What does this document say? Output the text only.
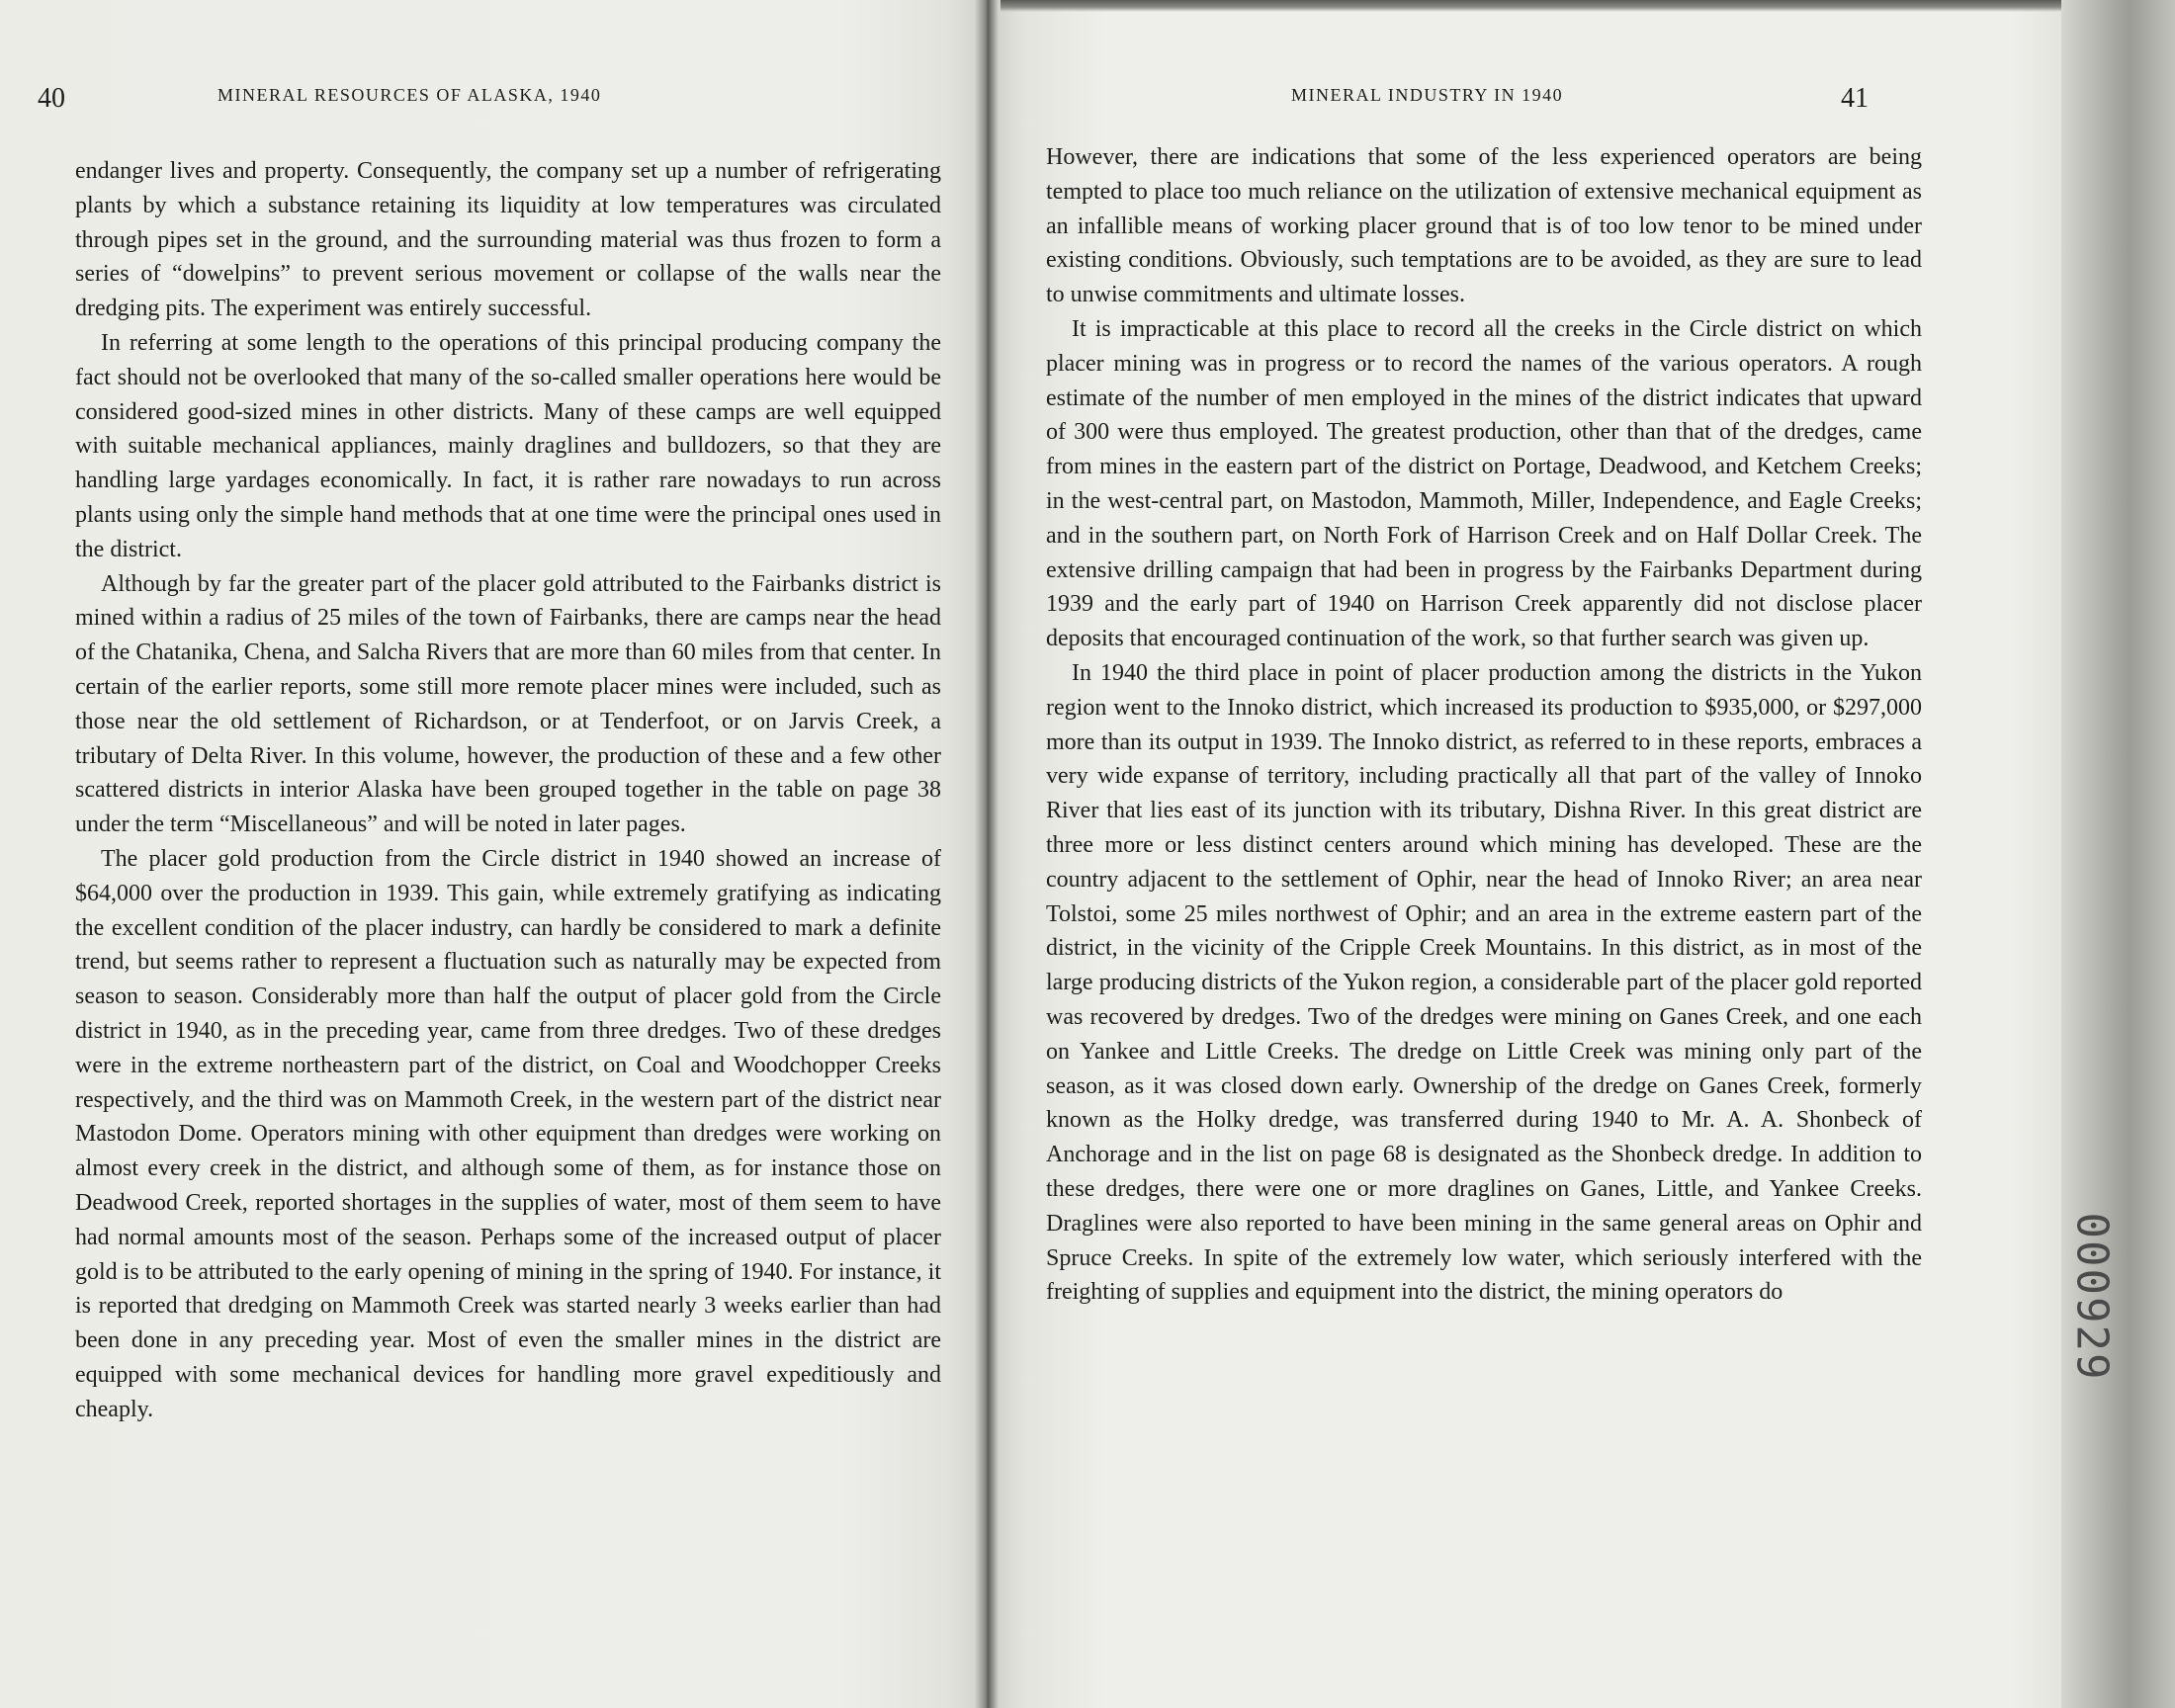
40	MINERAL RESOURCES OF ALASKA, 1940

endanger lives and property. Consequently, the company set up a number of refrigerating plants by which a substance retaining its liquidity at low temperatures was circulated through pipes set in the ground, and the surrounding material was thus frozen to form a series of “dowelpins” to prevent serious movement or collapse of the walls near the dredging pits. The experiment was entirely successful.

In referring at some length to the operations of this principal producing company the fact should not be overlooked that many of the so-called smaller operations here would be considered good-sized mines in other districts. Many of these camps are well equipped with suitable mechanical appliances, mainly draglines and bulldozers, so that they are handling large yardages economically. In fact, it is rather rare nowadays to run across plants using only the simple hand methods that at one time were the principal ones used in the district.

Although by far the greater part of the placer gold attributed to the Fairbanks district is mined within a radius of 25 miles of the town of Fairbanks, there are camps near the head of the Chatanika, Chena, and Salcha Rivers that are more than 60 miles from that center. In certain of the earlier reports, some still more remote placer mines were included, such as those near the old settlement of Richardson, or at Tenderfoot, or on Jarvis Creek, a tributary of Delta River. In this volume, however, the production of these and a few other scattered districts in interior Alaska have been grouped together in the table on page 38 under the term “Miscellaneous” and will be noted in later pages.

The placer gold production from the Circle district in 1940 showed an increase of $64,000 over the production in 1939. This gain, while extremely gratifying as indicating the excellent condition of the placer industry, can hardly be considered to mark a definite trend, but seems rather to represent a fluctuation such as naturally may be expected from season to season. Considerably more than half the output of placer gold from the Circle district in 1940, as in the preceding year, came from three dredges. Two of these dredges were in the extreme northeastern part of the district, on Coal and Woodchopper Creeks respectively, and the third was on Mammoth Creek, in the western part of the district near Mastodon Dome. Operators mining with other equipment than dredges were working on almost every creek in the district, and although some of them, as for instance those on Deadwood Creek, reported shortages in the supplies of water, most of them seem to have had normal amounts most of the season. Perhaps some of the increased output of placer gold is to be attributed to the early opening of mining in the spring of 1940. For instance, it is reported that dredging on Mammoth Creek was started nearly 3 weeks earlier than had been done in any preceding year. Most of even the smaller mines in the district are equipped with some mechanical devices for handling more gravel expeditiously and cheaply.

MINERAL INDUSTRY IN 1940	41

However, there are indications that some of the less experienced operators are being tempted to place too much reliance on the utilization of extensive mechanical equipment as an infallible means of working placer ground that is of too low tenor to be mined under existing conditions. Obviously, such temptations are to be avoided, as they are sure to lead to unwise commitments and ultimate losses.

It is impracticable at this place to record all the creeks in the Circle district on which placer mining was in progress or to record the names of the various operators. A rough estimate of the number of men employed in the mines of the district indicates that upward of 300 were thus employed. The greatest production, other than that of the dredges, came from mines in the eastern part of the district on Portage, Deadwood, and Ketchem Creeks; in the west-central part, on Mastodon, Mammoth, Miller, Independence, and Eagle Creeks; and in the southern part, on North Fork of Harrison Creek and on Half Dollar Creek. The extensive drilling campaign that had been in progress by the Fairbanks Department during 1939 and the early part of 1940 on Harrison Creek apparently did not disclose placer deposits that encouraged continuation of the work, so that further search was given up.

In 1940 the third place in point of placer production among the districts in the Yukon region went to the Innoko district, which increased its production to $935,000, or $297,000 more than its output in 1939. The Innoko district, as referred to in these reports, embraces a very wide expanse of territory, including practically all that part of the valley of Innoko River that lies east of its junction with its tributary, Dishna River. In this great district are three more or less distinct centers around which mining has developed. These are the country adjacent to the settlement of Ophir, near the head of Innoko River; an area near Tolstoi, some 25 miles northwest of Ophir; and an area in the extreme eastern part of the district, in the vicinity of the Cripple Creek Mountains. In this district, as in most of the large producing districts of the Yukon region, a considerable part of the placer gold reported was recovered by dredges. Two of the dredges were mining on Ganes Creek, and one each on Yankee and Little Creeks. The dredge on Little Creek was mining only part of the season, as it was closed down early. Ownership of the dredge on Ganes Creek, formerly known as the Holky dredge, was transferred during 1940 to Mr. A. A. Shonbeck of Anchorage and in the list on page 68 is designated as the Shonbeck dredge. In addition to these dredges, there were one or more draglines on Ganes, Little, and Yankee Creeks. Draglines were also reported to have been mining in the same general areas on Ophir and Spruce Creeks. In spite of the extremely low water, which seriously interfered with the freighting of supplies and equipment into the district, the mining operators do	000929
